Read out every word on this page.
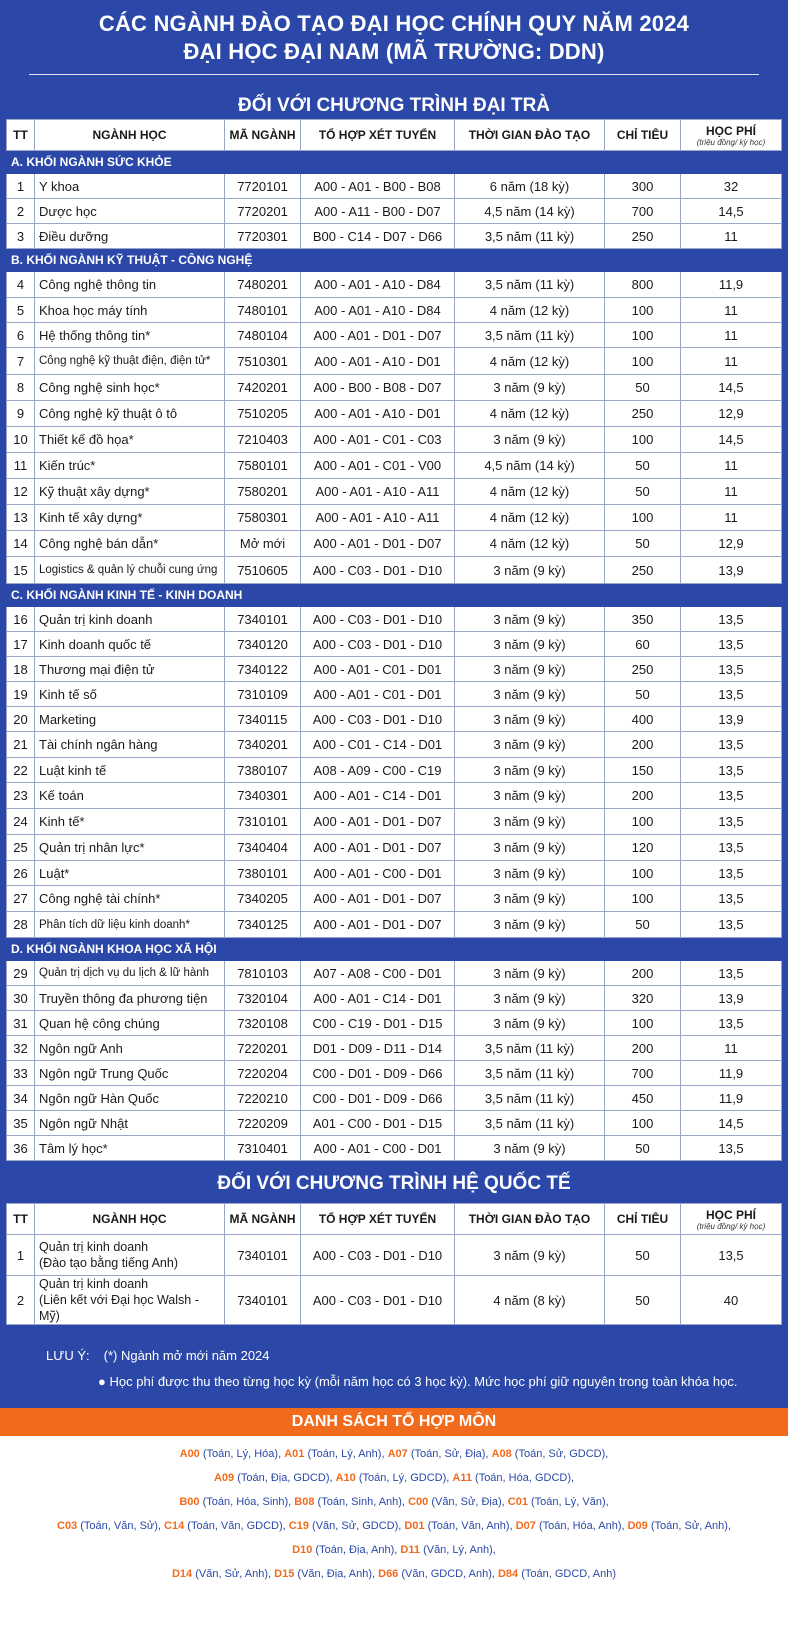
CÁC NGÀNH ĐÀO TẠO ĐẠI HỌC CHÍNH QUY NĂM 2024
ĐẠI HỌC ĐẠI NAM (MÃ TRƯỜNG: DDN)
ĐỐI VỚI CHƯƠNG TRÌNH ĐẠI TRÀ
TT	NGÀNH HỌC	MÃ NGÀNH	TỔ HỢP XÉT TUYỂN	THỜI GIAN ĐÀO TẠO	CHỈ TIÊU	HỌC PHÍ
(triệu đồng/ kỳ học)

A. KHỐI NGÀNH SỨC KHỎE						
1	Y khoa	7720101	A00 - A01 - B00 - B08	6 năm (18 kỳ)	300	32
2	Dược học	7720201	A00 - A11 - B00 - D07	4,5 năm (14 kỳ)	700	14,5
3	Điều dưỡng	7720301	B00 - C14 - D07 - D66	3,5 năm (11 kỳ)	250	11
B. KHỐI NGÀNH KỸ THUẬT - CÔNG NGHỆ						
4	Công nghệ thông tin	7480201	A00 - A01 - A10 - D84	3,5 năm (11 kỳ)	800	11,9
5	Khoa học máy tính	7480101	A00 - A01 - A10 - D84	4 năm (12 kỳ)	100	11
6	Hệ thống thông tin*	7480104	A00 - A01 - D01 - D07	3,5 năm (11 kỳ)	100	11
7	Công nghệ kỹ thuật điện, điện tử*	7510301	A00 - A01 - A10 - D01	4 năm (12 kỳ)	100	11
8	Công nghệ sinh học*	7420201	A00 - B00 - B08 - D07	3 năm (9 kỳ)	50	14,5
9	Công nghệ kỹ thuật ô tô	7510205	A00 - A01 - A10 - D01	4 năm (12 kỳ)	250	12,9
10	Thiết kế đồ họa*	7210403	A00 - A01 - C01 - C03	3 năm (9 kỳ)	100	14,5
11	Kiến trúc*	7580101	A00 - A01 - C01 - V00	4,5 năm (14 kỳ)	50	11
12	Kỹ thuật xây dựng*	7580201	A00 - A01 - A10 - A11	4 năm (12 kỳ)	50	11
13	Kinh tế xây dựng*	7580301	A00 - A01 - A10 - A11	4 năm (12 kỳ)	100	11
14	Công nghệ bán dẫn*	Mở mới	A00 - A01 - D01 - D07	4 năm (12 kỳ)	50	12,9
15	Logistics & quản lý chuỗi cung ứng	7510605	A00 - C03 - D01 - D10	3 năm (9 kỳ)	250	13,9
C. KHỐI NGÀNH KINH TẾ - KINH DOANH						
16	Quản trị kinh doanh	7340101	A00 - C03 - D01 - D10	3 năm (9 kỳ)	350	13,5
17	Kinh doanh quốc tế	7340120	A00 - C03 - D01 - D10	3 năm (9 kỳ)	60	13,5
18	Thương mại điện tử	7340122	A00 - A01 - C01 - D01	3 năm (9 kỳ)	250	13,5
19	Kinh tế số	7310109	A00 - A01 - C01 - D01	3 năm (9 kỳ)	50	13,5
20	Marketing	7340115	A00 - C03 - D01 - D10	3 năm (9 kỳ)	400	13,9
21	Tài chính ngân hàng	7340201	A00 - C01 - C14 - D01	3 năm (9 kỳ)	200	13,5
22	Luật kinh tế	7380107	A08 - A09 - C00 - C19	3 năm (9 kỳ)	150	13,5
23	Kế toán	7340301	A00 - A01 - C14 - D01	3 năm (9 kỳ)	200	13,5
24	Kinh tế*	7310101	A00 - A01 - D01 - D07	3 năm (9 kỳ)	100	13,5
25	Quản trị nhân lực*	7340404	A00 - A01 - D01 - D07	3 năm (9 kỳ)	120	13,5
26	Luật*	7380101	A00 - A01 - C00 - D01	3 năm (9 kỳ)	100	13,5
27	Công nghệ tài chính*	7340205	A00 - A01 - D01 - D07	3 năm (9 kỳ)	100	13,5
28	Phân tích dữ liệu kinh doanh*	7340125	A00 - A01 - D01 - D07	3 năm (9 kỳ)	50	13,5
D. KHỐI NGÀNH KHOA HỌC XÃ HỘI						
29	Quản trị dịch vụ du lịch & lữ hành	7810103	A07 - A08 - C00 - D01	3 năm (9 kỳ)	200	13,5
30	Truyền thông đa phương tiện	7320104	A00 - A01 - C14 - D01	3 năm (9 kỳ)	320	13,9
31	Quan hệ công chúng	7320108	C00 - C19 - D01 - D15	3 năm (9 kỳ)	100	13,5
32	Ngôn ngữ Anh	7220201	D01 - D09 - D11 - D14	3,5 năm (11 kỳ)	200	11
33	Ngôn ngữ Trung Quốc	7220204	C00 - D01 - D09 - D66	3,5 năm (11 kỳ)	700	11,9
34	Ngôn ngữ Hàn Quốc	7220210	C00 - D01 - D09 - D66	3,5 năm (11 kỳ)	450	11,9
35	Ngôn ngữ Nhật	7220209	A01 - C00 - D01 - D15	3,5 năm (11 kỳ)	100	14,5
36	Tâm lý học*	7310401	A00 - A01 - C00 - D01	3 năm (9 kỳ)	50	13,5
ĐỐI VỚI CHƯƠNG TRÌNH HỆ QUỐC TẾ
TT	NGÀNH HỌC	MÃ NGÀNH	TỔ HỢP XÉT TUYỂN	THỜI GIAN ĐÀO TẠO	CHỈ TIÊU	HỌC PHÍ
(triệu đồng/ kỳ học)

1	Quản trị kinh doanh
(Đào tạo bằng tiếng Anh)	7340101	A00 - C03 - D01 - D10	3 năm (9 kỳ)	50	13,5
2	Quản trị kinh doanh
(Liên kết với Đại học Walsh - Mỹ)	7340101	A00 - C03 - D01 - D10	4 năm (8 kỳ)	50	40
LƯU Ý: (*) Ngành mở mới năm 2024
● Học phí được thu theo từng học kỳ (mỗi năm học có 3 học kỳ). Mức học phí giữ nguyên trong toàn khóa học.
DANH SÁCH TỔ HỢP MÔN
A00 (Toán, Lý, Hóa), A01 (Toán, Lý, Anh), A07 (Toán, Sử, Địa), A08 (Toán, Sử, GDCD),
A09 (Toán, Địa, GDCD), A10 (Toán, Lý, GDCD), A11 (Toán, Hóa, GDCD),
B00 (Toán, Hóa, Sinh), B08 (Toán, Sinh, Anh), C00 (Văn, Sử, Địa), C01 (Toán, Lý, Văn),
C03 (Toán, Văn, Sử), C14 (Toán, Văn, GDCD), C19 (Văn, Sử, GDCD), D01 (Toán, Văn, Anh), D07 (Toán, Hóa, Anh), D09 (Toán, Sử, Anh),
D10 (Toán, Địa, Anh), D11 (Văn, Lý, Anh),
D14 (Văn, Sử, Anh), D15 (Văn, Địa, Anh), D66 (Văn, GDCD, Anh), D84 (Toán, GDCD, Anh)
